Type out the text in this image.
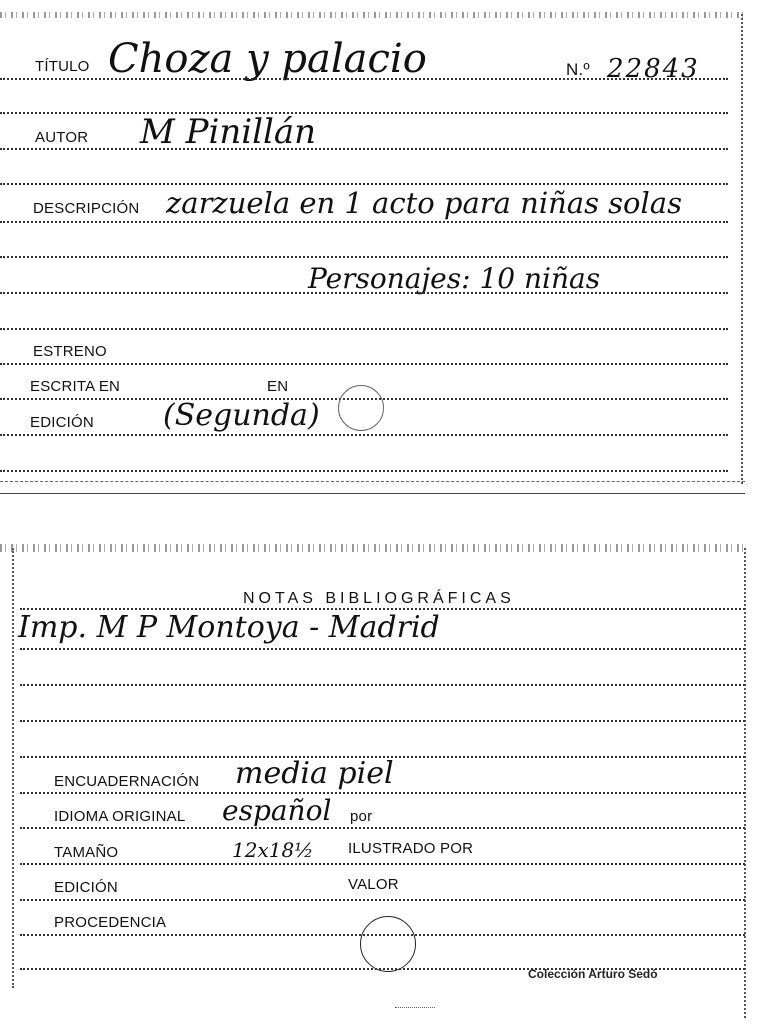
TÍTULO Choza y palacio	N.º 22843
AUTOR M Pinillán
DESCRIPCIÓN zarzuela en 1 acto para niñas solas
Personajes: 10 niñas
ESTRENO
ESCRITA EN	EN
EDICIÓN (Segunda)
NOTAS BIBLIOGRÁFICAS
Imp. M P Montoya - Madrid
ENCUADERNACIÓN media piel
IDIOMA ORIGINAL español por
TAMAÑO	12x18½ ILUSTRADO POR
EDICIÓN	VALOR
PROCEDENCIA
Colección Arturo Sedó
